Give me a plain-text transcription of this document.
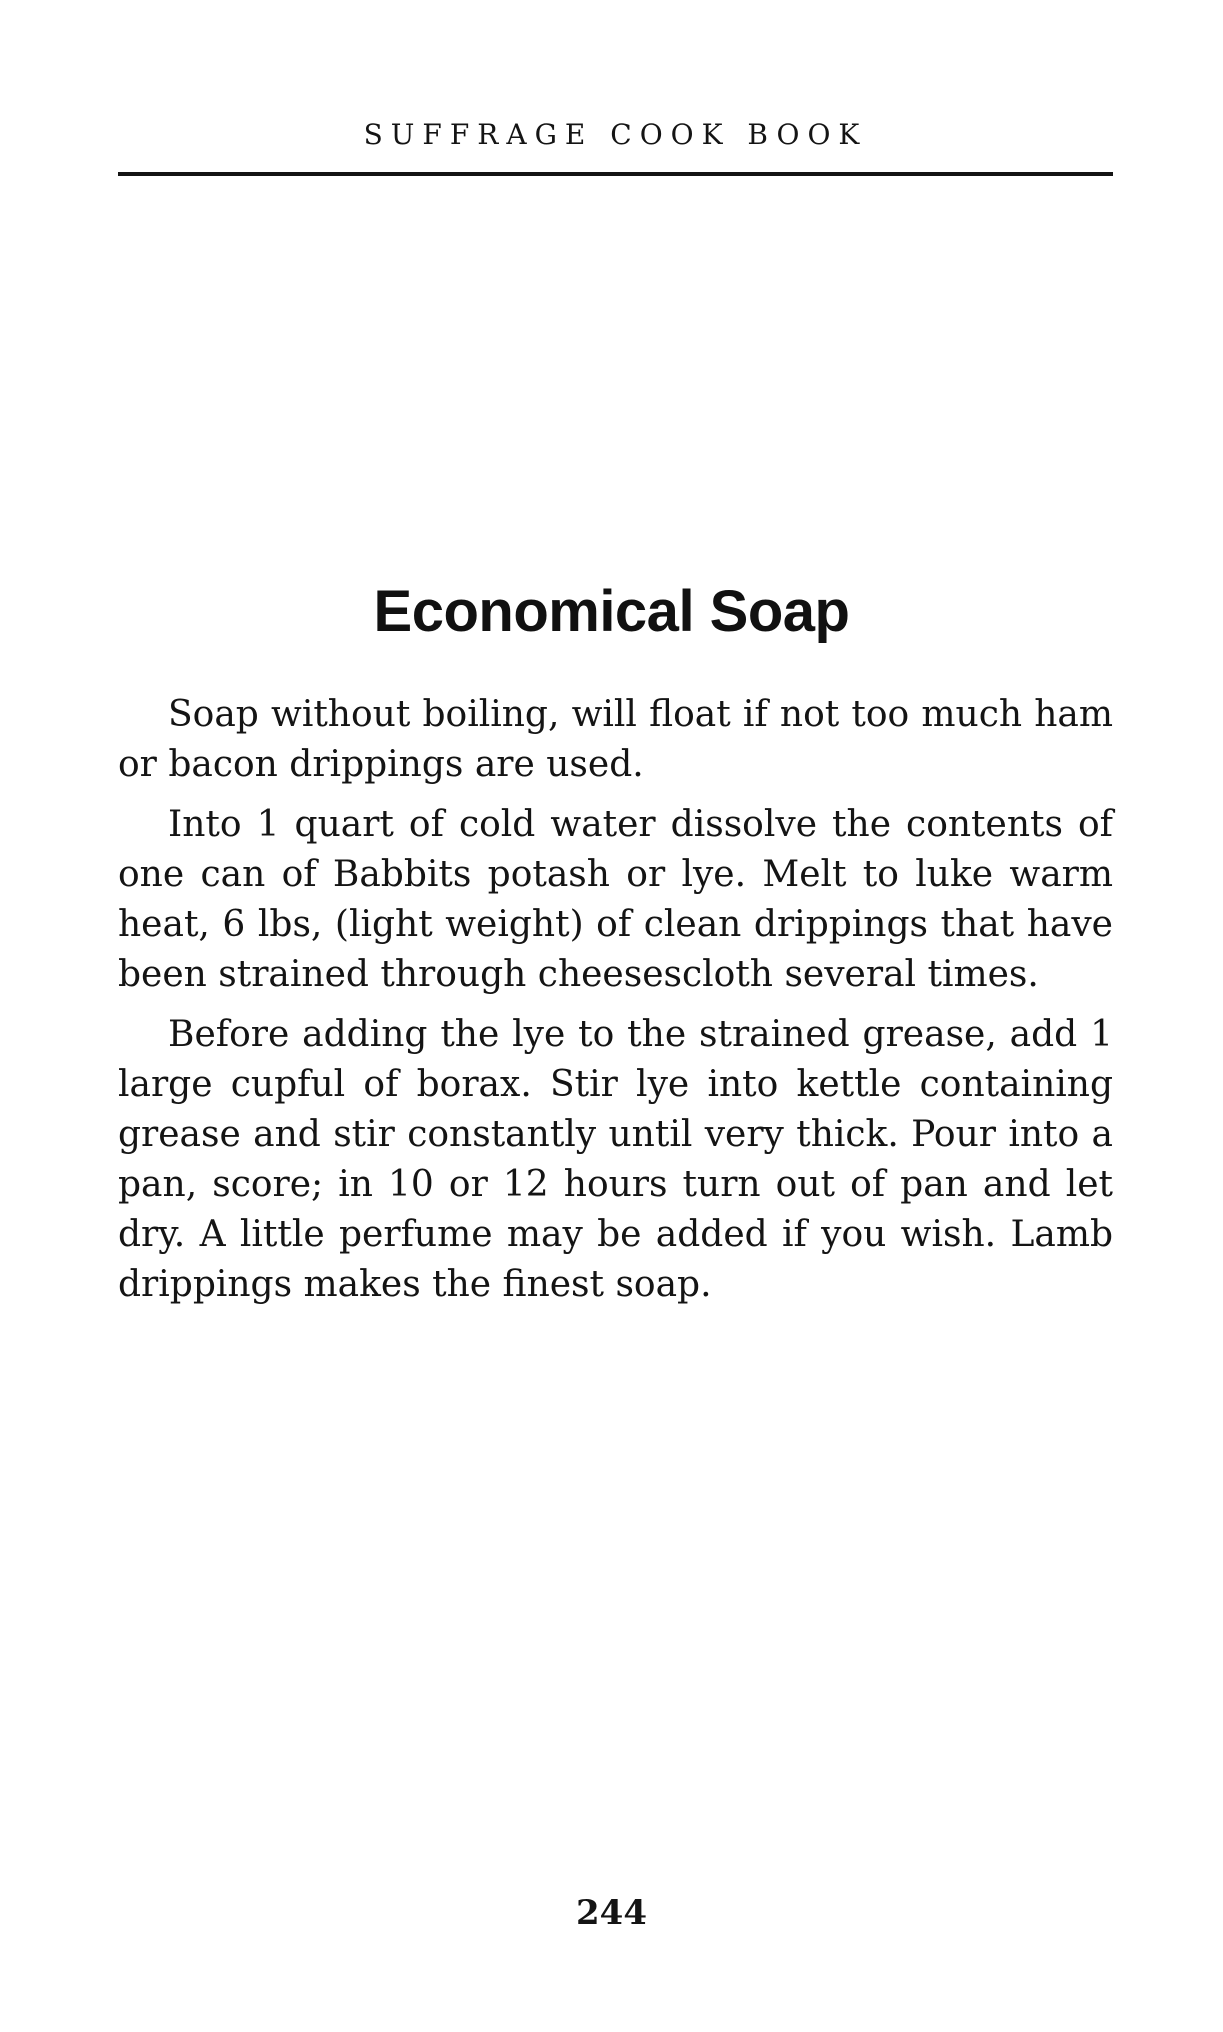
SUFFRAGE COOK BOOK
Economical Soap

Soap without boiling, will float if not too much ham or bacon drippings are used.

Into 1 quart of cold water dissolve the contents of one can of Babbits potash or lye. Melt to luke warm heat, 6 lbs, (light weight) of clean drippings that have been strained through cheesescloth several times.

Before adding the lye to the strained grease, add 1 large cupful of borax. Stir lye into kettle containing grease and stir constantly until very thick. Pour into a pan, score; in 10 or 12 hours turn out of pan and let dry. A little perfume may be added if you wish. Lamb drippings makes the finest soap.

244
